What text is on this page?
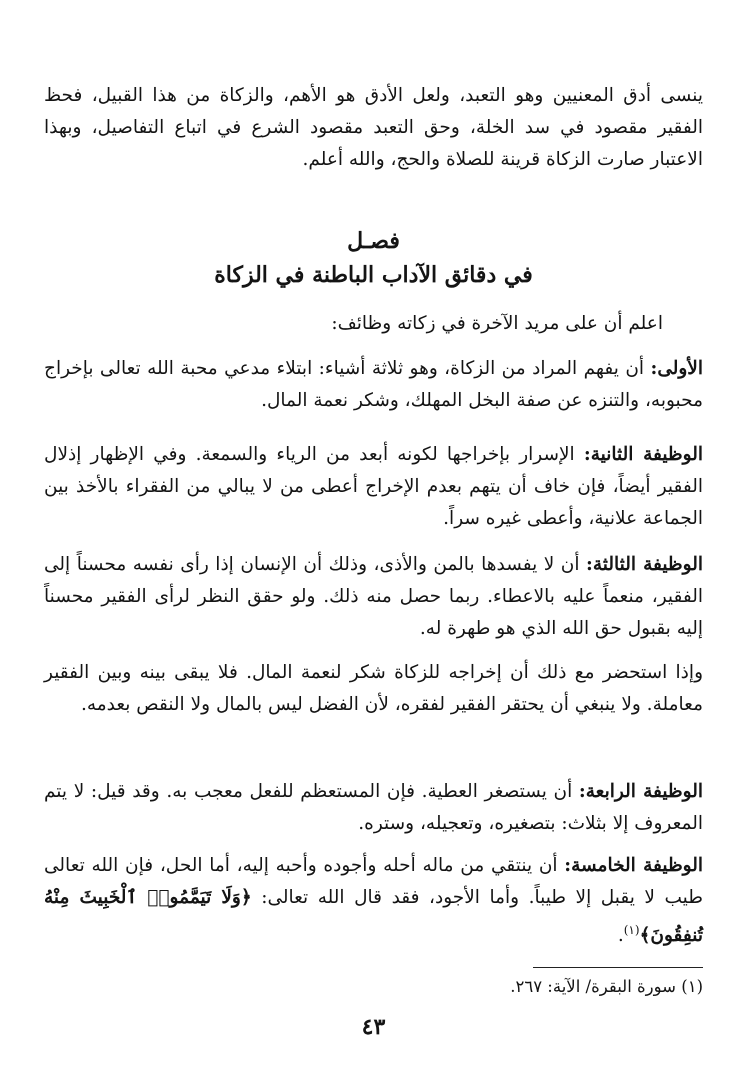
ينسى أدق المعنيين وهو التعبد، ولعل الأدق هو الأهم، والزكاة من هذا القبيل، فحظ الفقير مقصود في سد الخلة، وحق التعبد مقصود الشرع في اتباع التفاصيل، وبهذا الاعتبار صارت الزكاة قرينة للصلاة والحج، والله أعلم.

فصـل
في دقائق الآداب الباطنة في الزكاة

اعلم أن على مريد الآخرة في زكاته وظائف:

الأولى: أن يفهم المراد من الزكاة، وهو ثلاثة أشياء: ابتلاء مدعي محبة الله تعالى بإخراج محبوبه، والتنزه عن صفة البخل المهلك، وشكر نعمة المال.

الوظيفة الثانية: الإسرار بإخراجها لكونه أبعد من الرياء والسمعة. وفي الإظهار إذلال الفقير أيضاً، فإن خاف أن يتهم بعدم الإخراج أعطى من لا يبالي من الفقراء بالأخذ بين الجماعة علانية، وأعطى غيره سراً.

الوظيفة الثالثة: أن لا يفسدها بالمن والأذى، وذلك أن الإنسان إذا رأى نفسه محسناً إلى الفقير، منعماً عليه بالاعطاء. ربما حصل منه ذلك. ولو حقق النظر لرأى الفقير محسناً إليه بقبول حق الله الذي هو طهرة له.

وإذا استحضر مع ذلك أن إخراجه للزكاة شكر لنعمة المال. فلا يبقى بينه وبين الفقير معاملة. ولا ينبغي أن يحتقر الفقير لفقره، لأن الفضل ليس بالمال ولا النقص بعدمه.

الوظيفة الرابعة: أن يستصغر العطية. فإن المستعظم للفعل معجب به. وقد قيل: لا يتم المعروف إلا بثلاث: بتصغيره، وتعجيله، وستره.

الوظيفة الخامسة: أن ينتقي من ماله أحله وأجوده وأحبه إليه، أما الحل، فإن الله تعالى طيب لا يقبل إلا طيباً. وأما الأجود، فقد قال الله تعالى: ﴿وَلَا تَيَمَّمُوا۟ ٱلْخَبِيثَ مِنْهُ تُنفِقُونَ﴾$^{(١)}$.

(١) سورة البقرة/ الآية: ٢٦٧.
٤٣
